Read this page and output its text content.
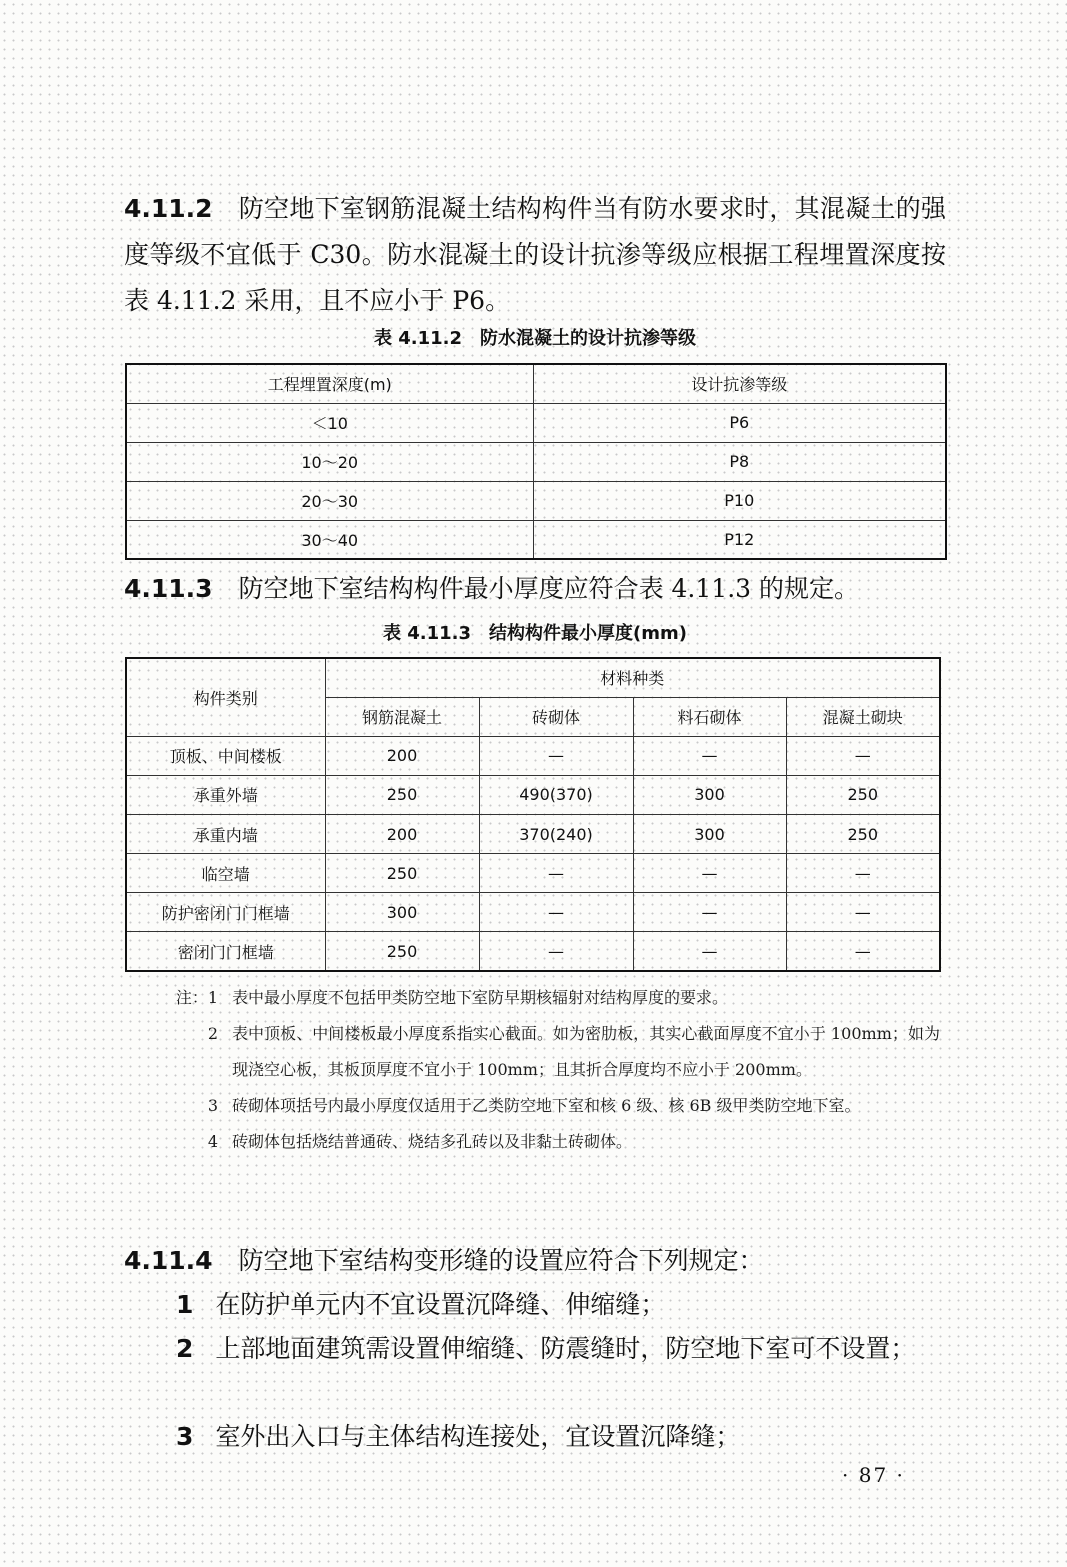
4.11.2 防空地下室钢筋混凝土结构构件当有防水要求时，其混凝土的强度等级不宜低于 C30。防水混凝土的设计抗渗等级应根据工程埋置深度按表 4.11.2 采用，且不应小于 P6。
表 4.11.2　防水混凝土的设计抗渗等级
工程埋置深度(m)	设计抗渗等级
＜10	P6
10～20	P8
20～30	P10
30～40	P12
4.11.3 防空地下室结构构件最小厚度应符合表 4.11.3 的规定。
表 4.11.3　结构构件最小厚度(mm)
构件类别	材料种类			
	钢筋混凝土	砖砌体	料石砌体	混凝土砌块
顶板、中间楼板	200	—	—	—
承重外墙	250	490(370)	300	250
承重内墙	200	370(240)	300	250
临空墙	250	—	—	—
防护密闭门门框墙	300	—	—	—
密闭门门框墙	250	—	—	—
注：1 表中最小厚度不包括甲类防空地下室防早期核辐射对结构厚度的要求。
2 表中顶板、中间楼板最小厚度系指实心截面。如为密肋板，其实心截面厚度不宜小于 100mm；如为现浇空心板，其板顶厚度不宜小于 100mm；且其折合厚度均不应小于 200mm。
3 砖砌体项括号内最小厚度仅适用于乙类防空地下室和核 6 级、核 6B 级甲类防空地下室。
4 砖砌体包括烧结普通砖、烧结多孔砖以及非黏土砖砌体。
4.11.4 防空地下室结构变形缝的设置应符合下列规定：
1 在防护单元内不宜设置沉降缝、伸缩缝；
2 上部地面建筑需设置伸缩缝、防震缝时，防空地下室可不设置；
3 室外出入口与主体结构连接处，宜设置沉降缝；
· 87 ·
